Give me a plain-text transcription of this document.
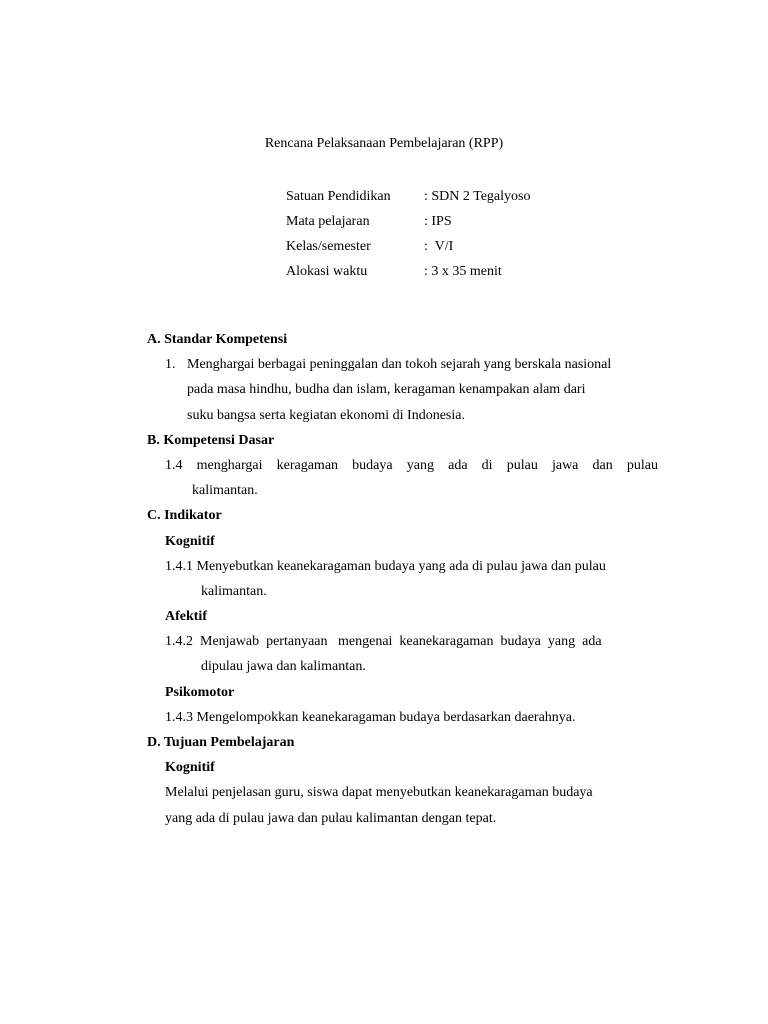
Rencana Pelaksanaan Pembelajaran (RPP)
Satuan Pendidikan	: SDN 2 Tegalyoso
Mata pelajaran	: IPS
Kelas/semester	:  V/I
Alokasi waktu	: 3 x 35 menit
A. Standar Kompetensi
1. Menghargai berbagai peninggalan dan tokoh sejarah yang berskala nasional
pada masa hindhu, budha dan islam, keragaman kenampakan alam dari
suku bangsa serta kegiatan ekonomi di Indonesia.
B. Kompetensi Dasar
1.4  menghargai  keragaman  budaya  yang  ada  di  pulau  jawa  dan  pulau
kalimantan.
C. Indikator
Kognitif
1.4.1 Menyebutkan keanekaragaman budaya yang ada di pulau jawa dan pulau
kalimantan.
Afektif
1.4.2  Menjawab  pertanyaan   mengenai  keanekaragaman  budaya  yang  ada
dipulau jawa dan kalimantan.
Psikomotor
1.4.3 Mengelompokkan keanekaragaman budaya berdasarkan daerahnya.
D. Tujuan Pembelajaran
Kognitif
Melalui penjelasan guru, siswa dapat menyebutkan keanekaragaman budaya
yang ada di pulau jawa dan pulau kalimantan dengan tepat.
